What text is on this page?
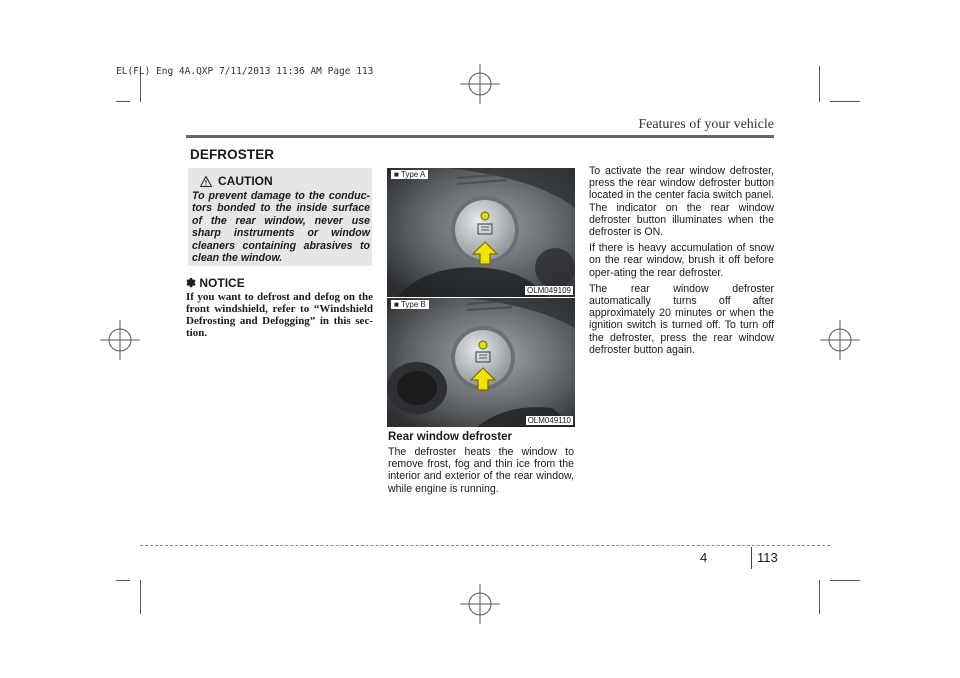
EL(FL) Eng 4A.QXP 7/11/2013 11:36 AM Page 113
Features of your vehicle
DEFROSTER
CAUTION
To prevent damage to the conduc-tors bonded to the inside surface of the rear window, never use sharp instruments or window cleaners containing abrasives to clean the window.
✽ NOTICE
If you want to defrost and defog on the front windshield, refer to “Windshield Defrosting and Defogging” in this sec-tion.
■ Type A
OLM049109
■ Type B
OLM049110
Rear window defroster
The defroster heats the window to remove frost, fog and thin ice from the interior and exterior of the rear window, while engine is running.

To activate the rear window defroster, press the rear window defroster button located in the center facia switch panel. The indicator on the rear window defroster button illuminates when the defroster is ON.

If there is heavy accumulation of snow on the rear window, brush it off before oper-ating the rear defroster.

The rear window defroster automatically turns off after approximately 20 minutes or when the ignition switch is turned off. To turn off the defroster, press the rear window defroster button again.

4	113
